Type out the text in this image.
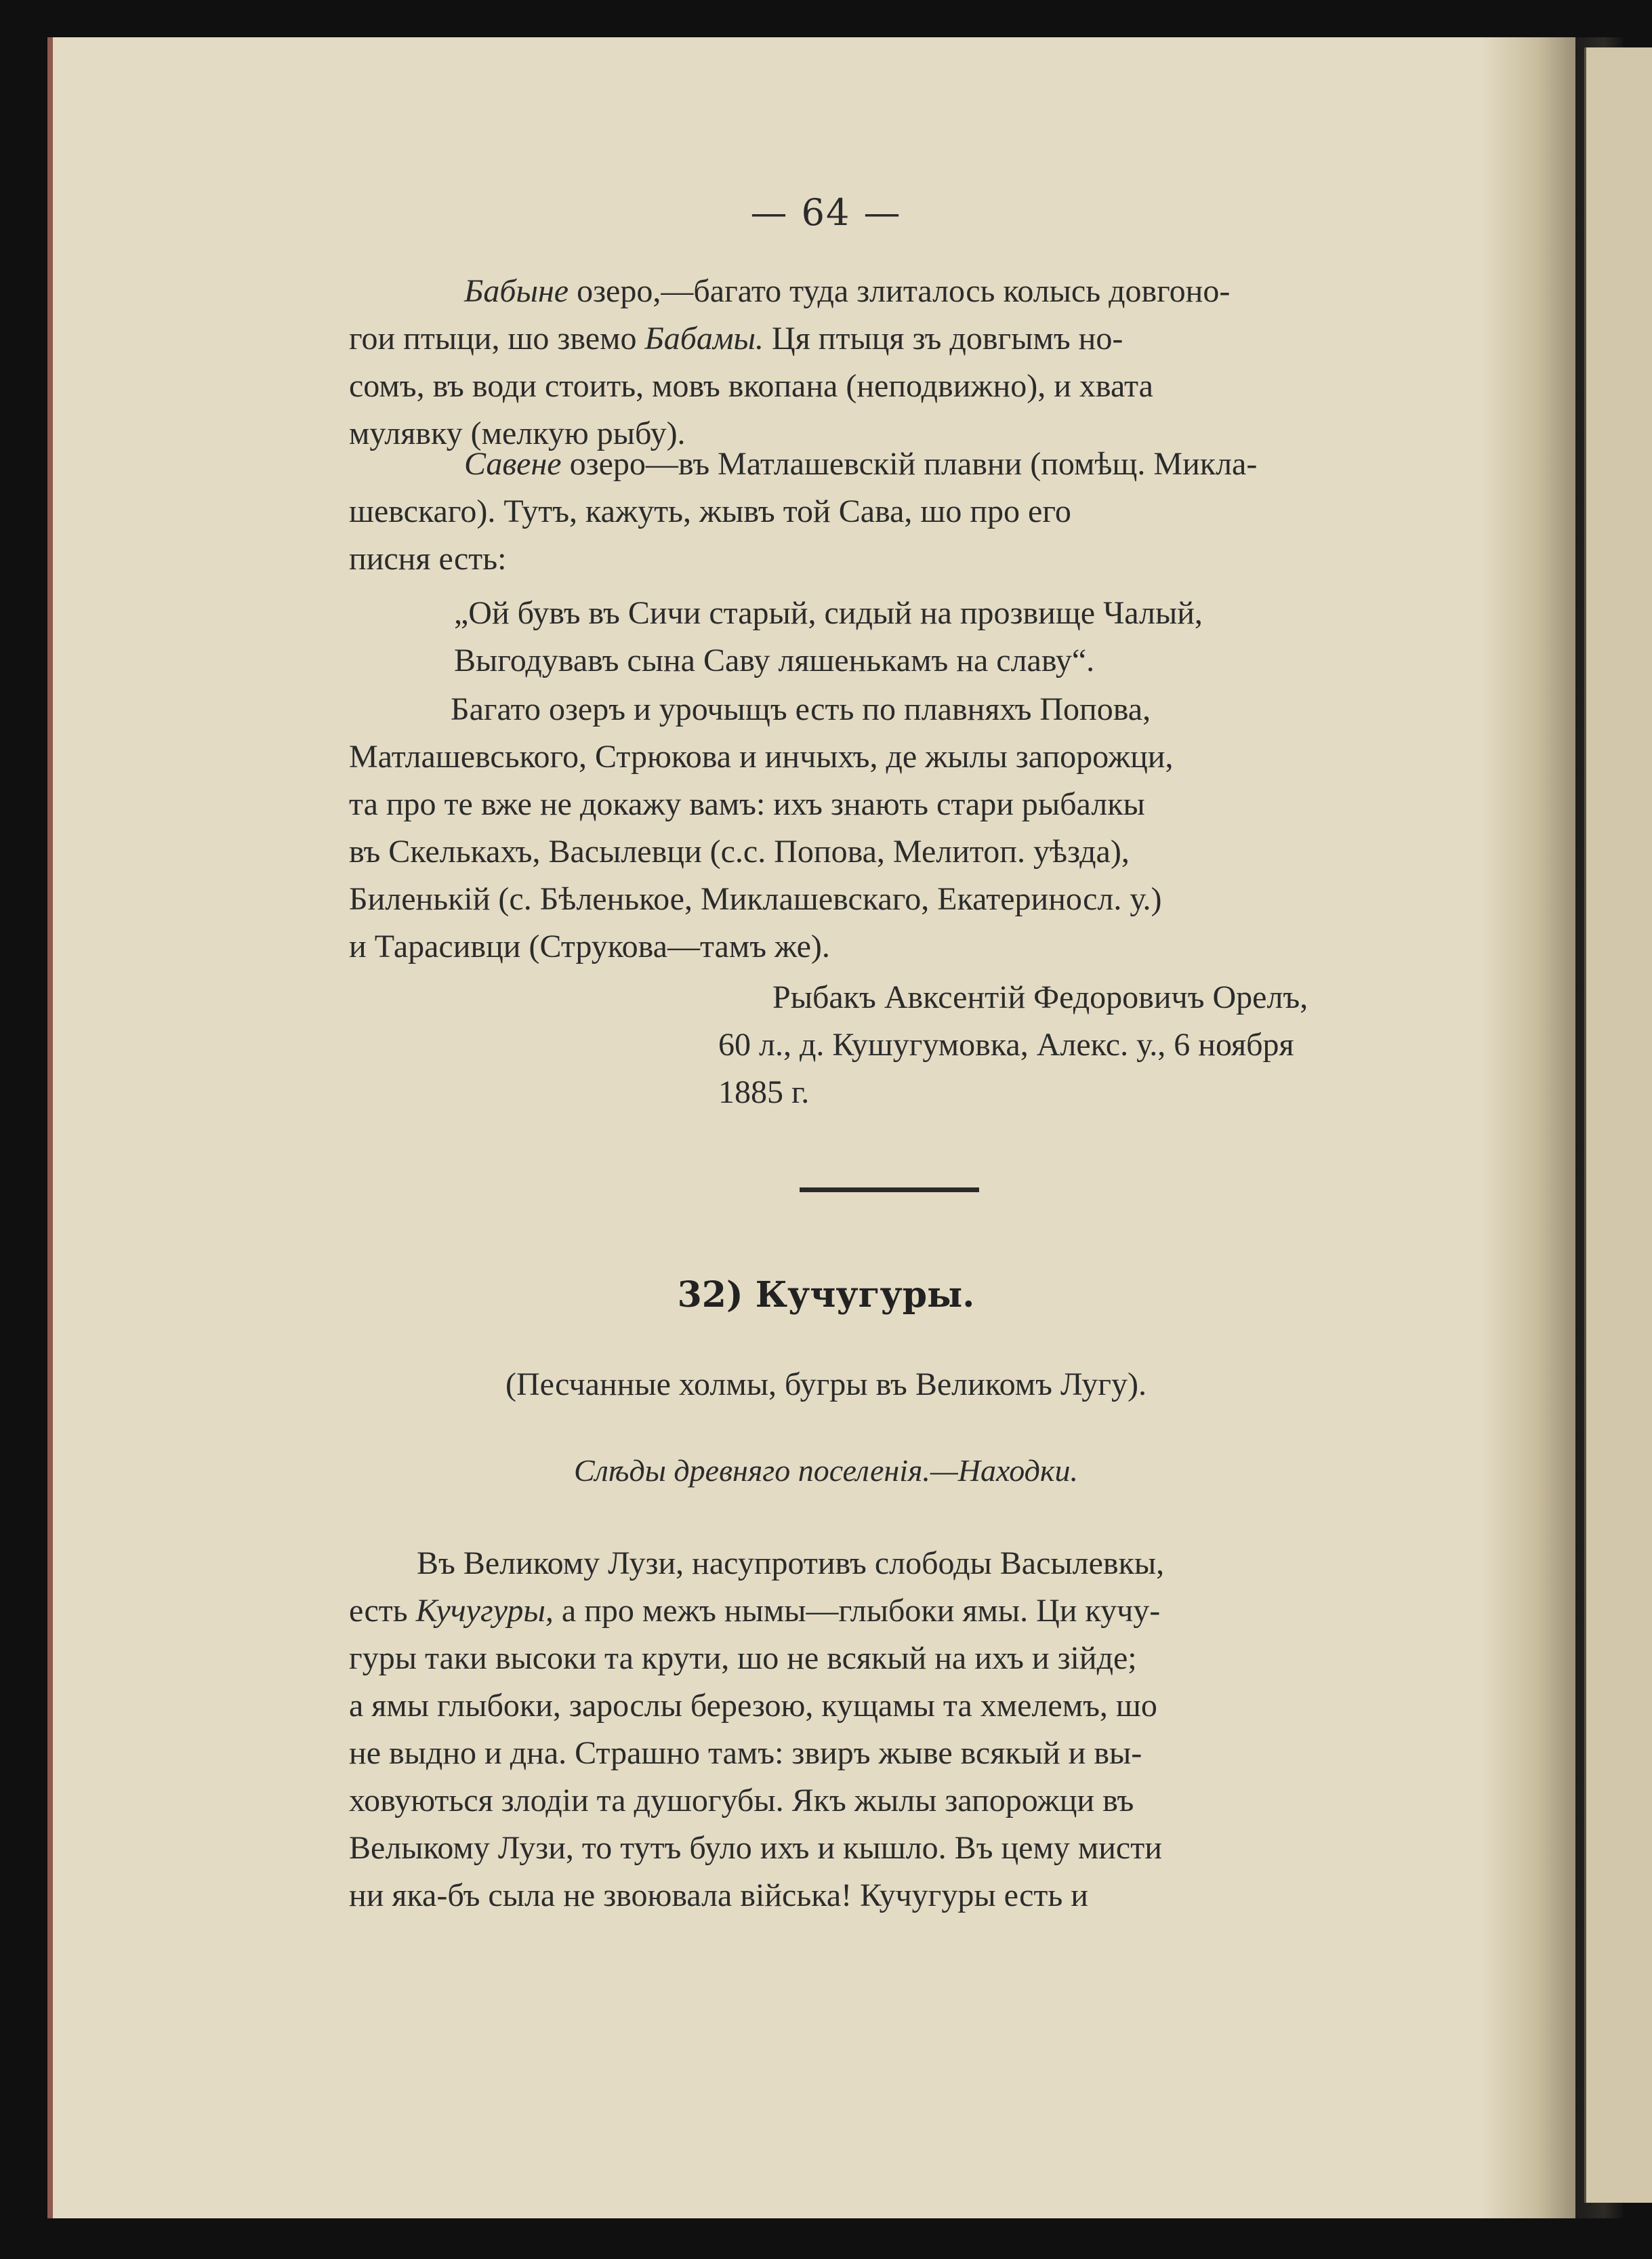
— 64 —
Бабыне озеро,—багато туда злиталось колысь довгоно-
гои птыци, шо звемо Бабамы. Ця птыця зъ довгымъ но-
сомъ, въ води стоить, мовъ вкопана (неподвижно), и хвата
мулявку (мелкую рыбу).
Савене озеро—въ Матлашевскій плавни (помѣщ. Микла-
шевскаго). Тутъ, кажуть, жывъ той Сава, шо про его
писня есть:
„Ой бувъ въ Сичи старый, сидый на прозвище Чалый,
Выгодувавъ сына Саву ляшенькамъ на славу“.
Багато озеръ и урочыщъ есть по плавняхъ Попова,
Матлашевського, Стрюкова и инчыхъ, де жылы запорожци,
та про те вже не докажу вамъ: ихъ знають стари рыбалкы
въ Скелькахъ, Васылевци (с.с. Попова, Мелитоп. уѣзда),
Биленькій (с. Бѣленькое, Миклашевскаго, Екатериносл. у.)
и Тарасивци (Струкова—тамъ же).
Рыбакъ Авксентій Федоровичъ Орелъ,
60 л., д. Кушугумовка, Алекс. у., 6 ноября
1885 г.
32) Кучугуры.
(Песчанные холмы, бугры въ Великомъ Лугу).
Слѣды древняго поселенія.—Находки.
Въ Великому Лузи, насупротивъ слободы Васылевкы,
есть Кучугуры, а про межъ нымы—глыбоки ямы. Ци кучу-
гуры таки высоки та крути, шо не всякый на ихъ и зійде;
а ямы глыбоки, зарослы березою, кущамы та хмелемъ, шо
не выдно и дна. Страшно тамъ: звиръ жыве всякый и вы-
ховуються злодіи та душогубы. Якъ жылы запорожци въ
Велыкому Лузи, то тутъ було ихъ и кышло. Въ цему мисти
ни яка-бъ сыла не звоювала війська! Кучугуры есть и
